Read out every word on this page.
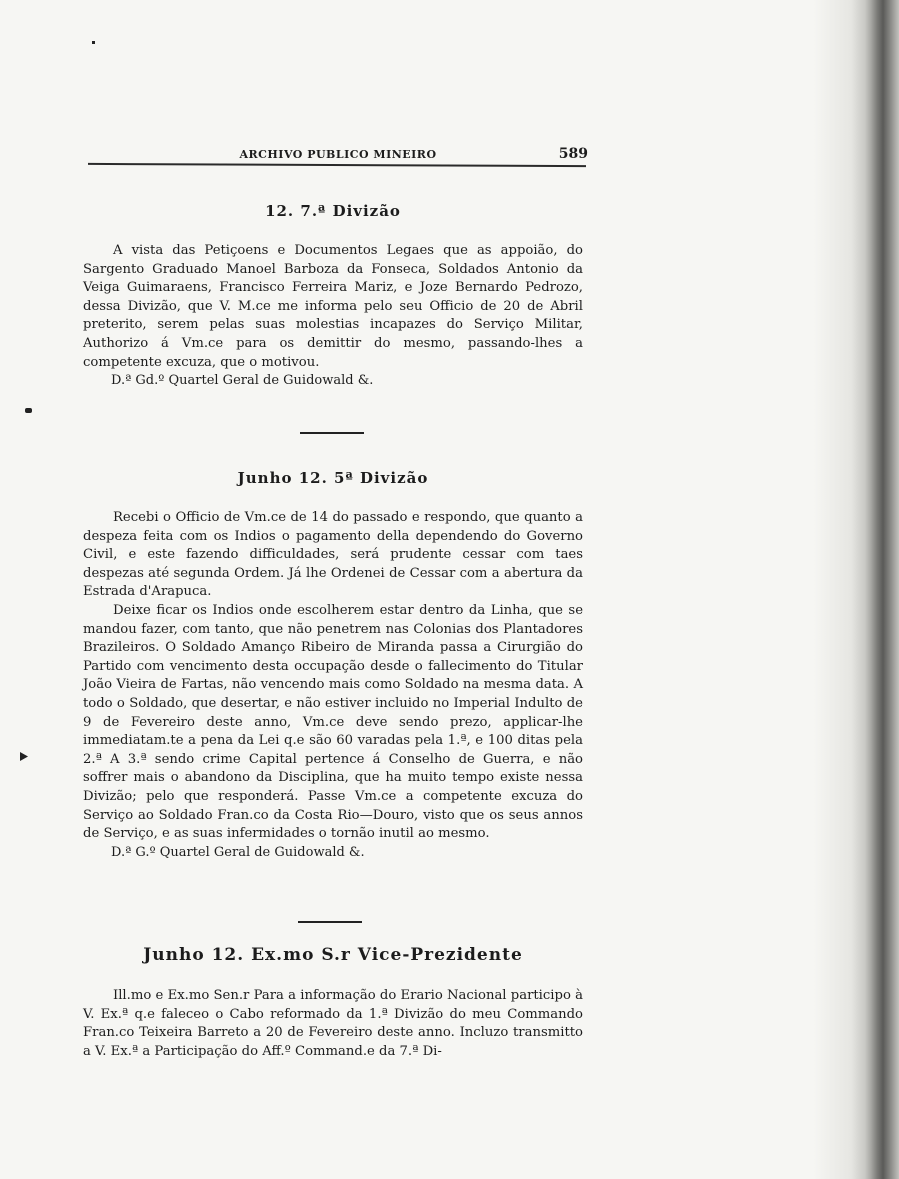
ARCHIVO PUBLICO MINEIRO	589
12. 7.ª Divizão

A vista das Petiçoens e Documentos Legaes que as appoião, do Sargento Graduado Manoel Barboza da Fonseca, Soldados Antonio da Veiga Guimaraens, Francisco Ferreira Mariz, e Joze Bernardo Pedrozo, dessa Divizão, que V. M.ce me informa pelo seu Officio de 20 de Abril preterito, serem pelas suas molestias incapazes do Serviço Militar, Authorizo á Vm.ce para os demittir do mesmo, passando-lhes a competente excuza, que o motivou.

D.ª Gd.º Quartel Geral de Guidowald &.

Junho 12. 5ª Divizão

Recebi o Officio de Vm.ce de 14 do passado e respondo, que quanto a despeza feita com os Indios o pagamento della dependendo do Governo Civil, e este fazendo difficuldades, será prudente cessar com taes despezas até segunda Ordem. Já lhe Ordenei de Cessar com a abertura da Estrada d'Arapuca.

Deixe ficar os Indios onde escolherem estar dentro da Linha, que se mandou fazer, com tanto, que não penetrem nas Colonias dos Plantadores Brazileiros. O Soldado Amanço Ribeiro de Miranda passa a Cirurgião do Partido com vencimento desta occupação desde o fallecimento do Titular João Vieira de Fartas, não vencendo mais como Soldado na mesma data. A todo o Soldado, que desertar, e não estiver incluido no Imperial Indulto de 9 de Fevereiro deste anno, Vm.ce deve sendo prezo, applicar-lhe immediatam.te a pena da Lei q.e são 60 varadas pela 1.ª, e 100 ditas pela 2.ª A 3.ª sendo crime Capital pertence á Conselho de Guerra, e não soffrer mais o abandono da Disciplina, que ha muito tempo existe nessa Divizão; pelo que responderá. Passe Vm.ce a competente excuza do Serviço ao Soldado Fran.co da Costa Rio—Douro, visto que os seus annos de Serviço, e as suas infermidades o tornão inutil ao mesmo.

D.ª G.º Quartel Geral de Guidowald &.

Junho 12. Ex.mo S.r Vice-Prezidente

Ill.mo e Ex.mo Sen.r Para a informação do Erario Nacional participo à V. Ex.ª q.e faleceo o Cabo reformado da 1.ª Divizão do meu Commando Fran.co Teixeira Barreto a 20 de Fevereiro deste anno. Incluzo transmitto a V. Ex.ª a Participação do Aff.º Command.e da 7.ª Di-
